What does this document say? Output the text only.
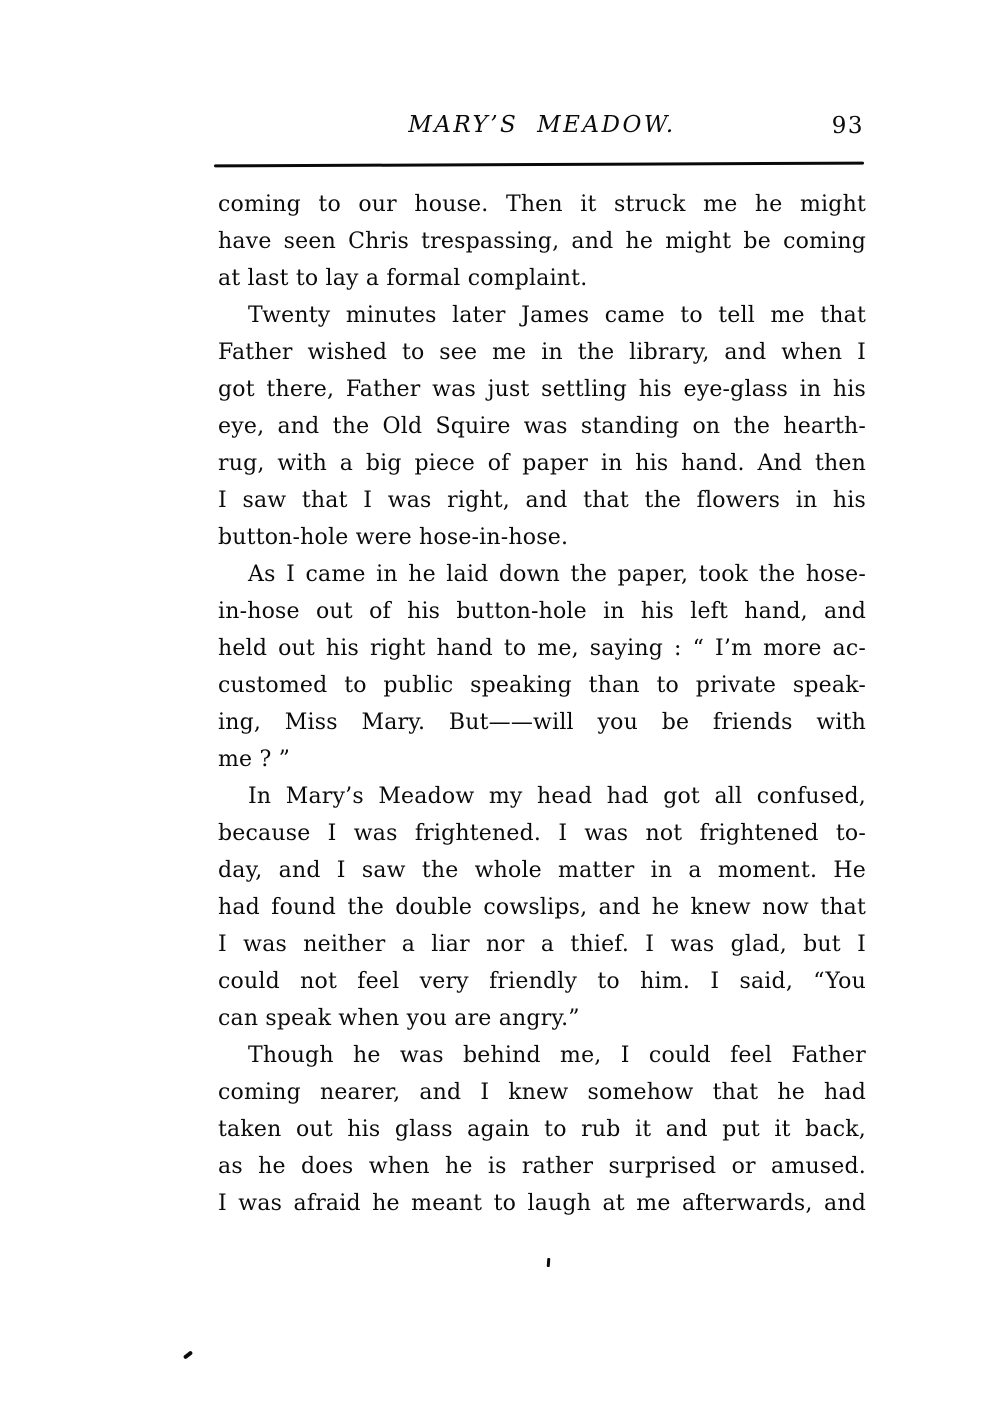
MARY’S MEADOW.	93
coming to our house. Then it struck me he might
have seen Chris trespassing, and he might be coming
at last to lay a formal complaint.
Twenty minutes later James came to tell me that
Father wished to see me in the library, and when I
got there, Father was just settling his eye-glass in his
eye, and the Old Squire was standing on the hearth-
rug, with a big piece of paper in his hand. And then
I saw that I was right, and that the flowers in his
button-hole were hose-in-hose.
As I came in he laid down the paper, took the hose-
in-hose out of his button-hole in his left hand, and
held out his right hand to me, saying : “ I’m more ac-
customed to public speaking than to private speak-
ing, Miss Mary. But——will you be friends with
me ? ”
In Mary’s Meadow my head had got all confused,
because I was frightened. I was not frightened to-
day, and I saw the whole matter in a moment. He
had found the double cowslips, and he knew now that
I was neither a liar nor a thief. I was glad, but I
could not feel very friendly to him. I said, “You
can speak when you are angry.”
Though he was behind me, I could feel Father
coming nearer, and I knew somehow that he had
taken out his glass again to rub it and put it back,
as he does when he is rather surprised or amused.
I was afraid he meant to laugh at me afterwards, and
